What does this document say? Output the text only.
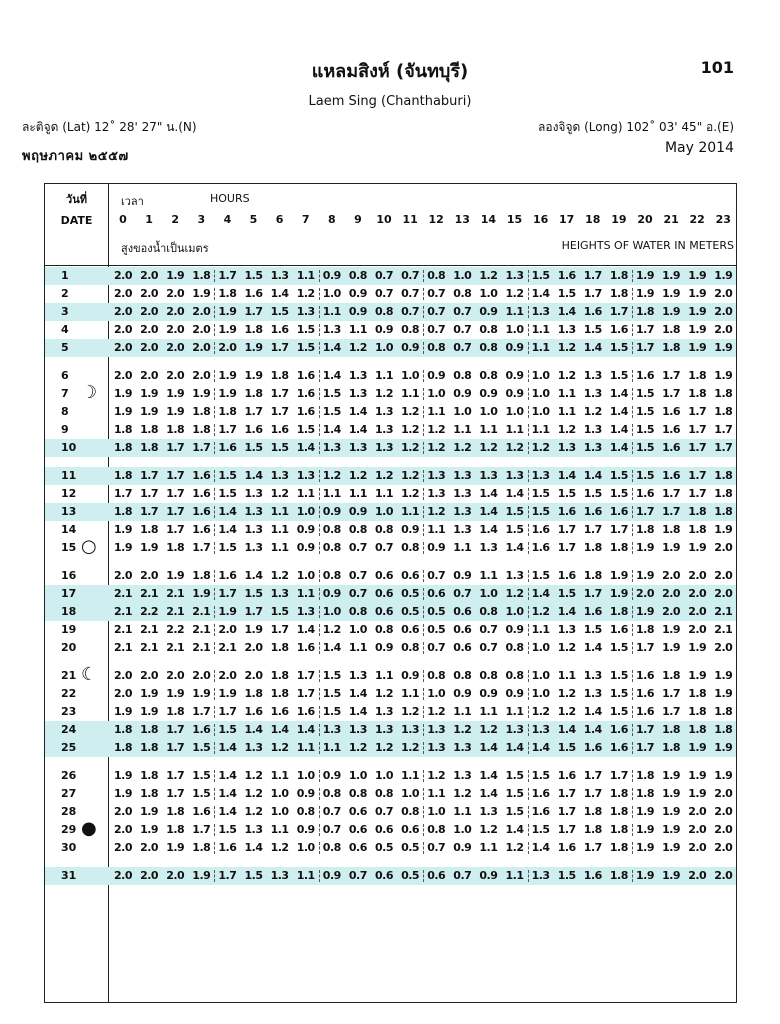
แหลมสิงห์ (จันทบุรี)	101
Laem Sing (Chanthaburi)
ละติจูด (Lat) 12˚ 28' 27" น.(N)	ลองจิจูด (Long) 102˚ 03' 45" อ.(E)
พฤษภาคม ๒๕๕๗
May 2014
วันที่
DATE
เวลา	HOURS
สูงของน้ำเป็นเมตร	HEIGHTS OF WATER IN METERS
0	1	2	3	4	5	6	7	8	9	10 11 12 13 14 15 16 17 18 19 20 21 22 23
1	2.0 2.0 1.9 1.8 1.7 1.5 1.3 1.1 0.9 0.8 0.7 0.7 0.8 1.0 1.2 1.3 1.5 1.6 1.7 1.8 1.9 1.9 1.9 1.9
2	2.0 2.0 2.0 1.9 1.8 1.6 1.4 1.2 1.0 0.9 0.7 0.7 0.7 0.8 1.0 1.2 1.4 1.5 1.7 1.8 1.9 1.9 1.9 2.0
3	2.0 2.0 2.0 2.0 1.9 1.7 1.5 1.3 1.1 0.9 0.8 0.7 0.7 0.7 0.9 1.1 1.3 1.4 1.6 1.7 1.8 1.9 1.9 2.0
4	2.0 2.0 2.0 2.0 1.9 1.8 1.6 1.5 1.3 1.1 0.9 0.8 0.7 0.7 0.8 1.0 1.1 1.3 1.5 1.6 1.7 1.8 1.9 2.0
5	2.0 2.0 2.0 2.0 2.0 1.9 1.7 1.5 1.4 1.2 1.0 0.9 0.8 0.7 0.8 0.9 1.1 1.2 1.4 1.5 1.7 1.8 1.9 1.9
6	2.0 2.0 2.0 2.0 1.9 1.9 1.8 1.6 1.4 1.3 1.1 1.0 0.9 0.8 0.8 0.9 1.0 1.2 1.3 1.5 1.6 1.7 1.8 1.9
7 ☽ 1.9 1.9 1.9 1.9 1.9 1.8 1.7 1.6 1.5 1.3 1.2 1.1 1.0 0.9 0.9 0.9 1.0 1.1 1.3 1.4 1.5 1.7 1.8 1.8
8	1.9 1.9 1.9 1.8 1.8 1.7 1.7 1.6 1.5 1.4 1.3 1.2 1.1 1.0 1.0 1.0 1.0 1.1 1.2 1.4 1.5 1.6 1.7 1.8
9	1.8 1.8 1.8 1.8 1.7 1.6 1.6 1.5 1.4 1.4 1.3 1.2 1.2 1.1 1.1 1.1 1.1 1.2 1.3 1.4 1.5 1.6 1.7 1.7
10	1.8 1.8 1.7 1.7 1.6 1.5 1.5 1.4 1.3 1.3 1.3 1.2 1.2 1.2 1.2 1.2 1.2 1.3 1.3 1.4 1.5 1.6 1.7 1.7
11	1.8 1.7 1.7 1.6 1.5 1.4 1.3 1.3 1.2 1.2 1.2 1.2 1.3 1.3 1.3 1.3 1.3 1.4 1.4 1.5 1.5 1.6 1.7 1.8
12	1.7 1.7 1.7 1.6 1.5 1.3 1.2 1.1 1.1 1.1 1.1 1.2 1.3 1.3 1.4 1.4 1.5 1.5 1.5 1.5 1.6 1.7 1.7 1.8
13	1.8 1.7 1.7 1.6 1.4 1.3 1.1 1.0 0.9 0.9 1.0 1.1 1.2 1.3 1.4 1.5 1.5 1.6 1.6 1.6 1.7 1.7 1.8 1.8
14	1.9 1.8 1.7 1.6 1.4 1.3 1.1 0.9 0.8 0.8 0.8 0.9 1.1 1.3 1.4 1.5 1.6 1.7 1.7 1.7 1.8 1.8 1.8 1.9
15 ○ 1.9 1.9 1.8 1.7 1.5 1.3 1.1 0.9 0.8 0.7 0.7 0.8 0.9 1.1 1.3 1.4 1.6 1.7 1.8 1.8 1.9 1.9 1.9 2.0
16	2.0 2.0 1.9 1.8 1.6 1.4 1.2 1.0 0.8 0.7 0.6 0.6 0.7 0.9 1.1 1.3 1.5 1.6 1.8 1.9 1.9 2.0 2.0 2.0
17	2.1 2.1 2.1 1.9 1.7 1.5 1.3 1.1 0.9 0.7 0.6 0.5 0.6 0.7 1.0 1.2 1.4 1.5 1.7 1.9 2.0 2.0 2.0 2.0
18	2.1 2.2 2.1 2.1 1.9 1.7 1.5 1.3 1.0 0.8 0.6 0.5 0.5 0.6 0.8 1.0 1.2 1.4 1.6 1.8 1.9 2.0 2.0 2.1
19	2.1 2.1 2.2 2.1 2.0 1.9 1.7 1.4 1.2 1.0 0.8 0.6 0.5 0.6 0.7 0.9 1.1 1.3 1.5 1.6 1.8 1.9 2.0 2.1
20	2.1 2.1 2.1 2.1 2.1 2.0 1.8 1.6 1.4 1.1 0.9 0.8 0.7 0.6 0.7 0.8 1.0 1.2 1.4 1.5 1.7 1.9 1.9 2.0
21 ☾ 2.0 2.0 2.0 2.0 2.0 2.0 1.8 1.7 1.5 1.3 1.1 0.9 0.8 0.8 0.8 0.8 1.0 1.1 1.3 1.5 1.6 1.8 1.9 1.9
22	2.0 1.9 1.9 1.9 1.9 1.8 1.8 1.7 1.5 1.4 1.2 1.1 1.0 0.9 0.9 0.9 1.0 1.2 1.3 1.5 1.6 1.7 1.8 1.9
23	1.9 1.9 1.8 1.7 1.7 1.6 1.6 1.6 1.5 1.4 1.3 1.2 1.2 1.1 1.1 1.1 1.2 1.2 1.4 1.5 1.6 1.7 1.8 1.8
24	1.8 1.8 1.7 1.6 1.5 1.4 1.4 1.4 1.3 1.3 1.3 1.3 1.3 1.2 1.2 1.3 1.3 1.4 1.4 1.6 1.7 1.8 1.8 1.8
25	1.8 1.8 1.7 1.5 1.4 1.3 1.2 1.1 1.1 1.2 1.2 1.2 1.3 1.3 1.4 1.4 1.4 1.5 1.6 1.6 1.7 1.8 1.9 1.9
26	1.9 1.8 1.7 1.5 1.4 1.2 1.1 1.0 0.9 1.0 1.0 1.1 1.2 1.3 1.4 1.5 1.5 1.6 1.7 1.7 1.8 1.9 1.9 1.9
27	1.9 1.8 1.7 1.5 1.4 1.2 1.0 0.9 0.8 0.8 0.8 1.0 1.1 1.2 1.4 1.5 1.6 1.7 1.7 1.8 1.8 1.9 1.9 2.0
28	2.0 1.9 1.8 1.6 1.4 1.2 1.0 0.8 0.7 0.6 0.7 0.8 1.0 1.1 1.3 1.5 1.6 1.7 1.8 1.8 1.9 1.9 2.0 2.0
29 ● 2.0 1.9 1.8 1.7 1.5 1.3 1.1 0.9 0.7 0.6 0.6 0.6 0.8 1.0 1.2 1.4 1.5 1.7 1.8 1.8 1.9 1.9 2.0 2.0
30	2.0 2.0 1.9 1.8 1.6 1.4 1.2 1.0 0.8 0.6 0.5 0.5 0.7 0.9 1.1 1.2 1.4 1.6 1.7 1.8 1.9 1.9 2.0 2.0
31	2.0 2.0 2.0 1.9 1.7 1.5 1.3 1.1 0.9 0.7 0.6 0.5 0.6 0.7 0.9 1.1 1.3 1.5 1.6 1.8 1.9 1.9 2.0 2.0
